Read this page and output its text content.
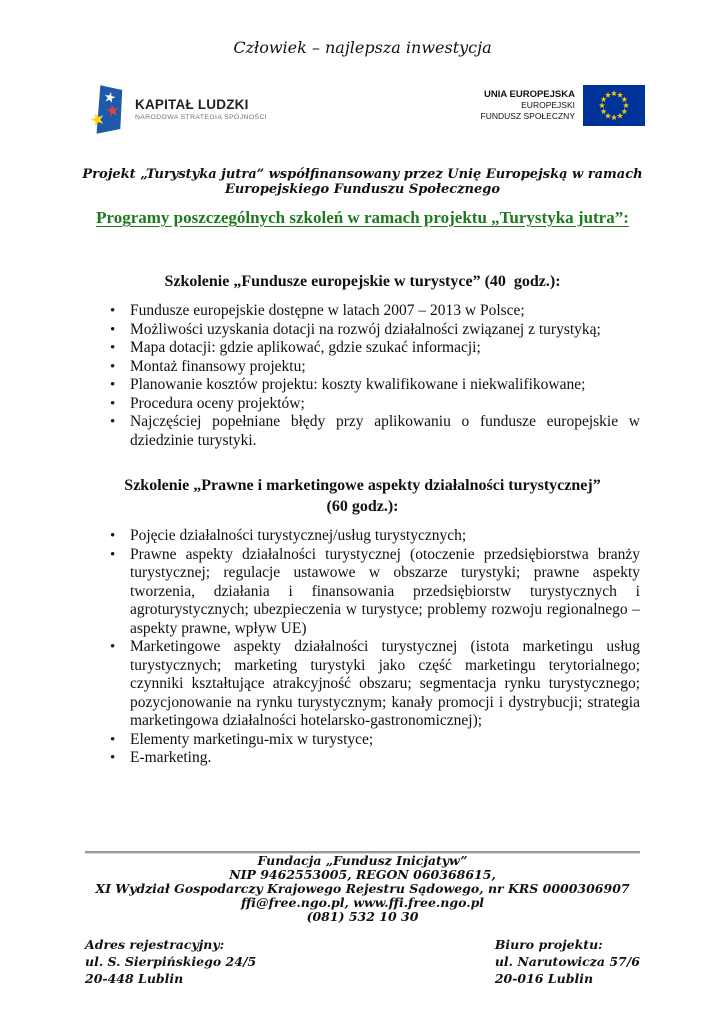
Człowiek – najlepsza inwestycja
KAPITAŁ LUDZKI
NARODOWA STRATEGIA SPÓJNOŚCI
UNIA EUROPEJSKA
EUROPEJSKI
FUNDUSZ SPOŁECZNY
Projekt „Turystyka jutra” współfinansowany przez Unię Europejską w ramach Europejskiego Funduszu Społecznego
Programy poszczególnych szkoleń w ramach projektu „Turystyka jutra”:
Szkolenie „Fundusze europejskie w turystyce” (40  godz.):
• Fundusze europejskie dostępne w latach 2007 – 2013 w Polsce;
• Możliwości uzyskania dotacji na rozwój działalności związanej z turystyką;
• Mapa dotacji: gdzie aplikować, gdzie szukać informacji;
• Montaż finansowy projektu;
• Planowanie kosztów projektu: koszty kwalifikowane i niekwalifikowane;
• Procedura oceny projektów;
• Najczęściej popełniane błędy przy aplikowaniu o fundusze europejskie w dziedzinie turystyki.
Szkolenie „Prawne i marketingowe aspekty działalności turystycznej”
(60 godz.):
• Pojęcie działalności turystycznej/usług turystycznych;
• Prawne aspekty działalności turystycznej (otoczenie przedsiębiorstwa branży turystycznej; regulacje ustawowe w obszarze turystyki; prawne aspekty tworzenia, działania i finansowania przedsiębiorstw turystycznych i agroturystycznych; ubezpieczenia w turystyce; problemy rozwoju regionalnego – aspekty prawne, wpływ UE)
• Marketingowe aspekty działalności turystycznej (istota marketingu usług turystycznych; marketing turystyki jako część marketingu terytorialnego; czynniki kształtujące atrakcyjność obszaru; segmentacja rynku turystycznego; pozycjonowanie na rynku turystycznym; kanały promocji i dystrybucji; strategia marketingowa działalności hotelarsko-gastronomicznej);
• Elementy marketingu-mix w turystyce;
• E-marketing.
Fundacja „Fundusz Inicjatyw”
NIP 9462553005, REGON 060368615,
XI Wydział Gospodarczy Krajowego Rejestru Sądowego, nr KRS 0000306907
ffi@free.ngo.pl, www.ffi.free.ngo.pl
(081) 532 10 30
Adres rejestracyjny:
ul. S. Sierpińskiego 24/5
20-448 Lublin
Biuro projektu:
ul. Narutowicza 57/6
20-016 Lublin
